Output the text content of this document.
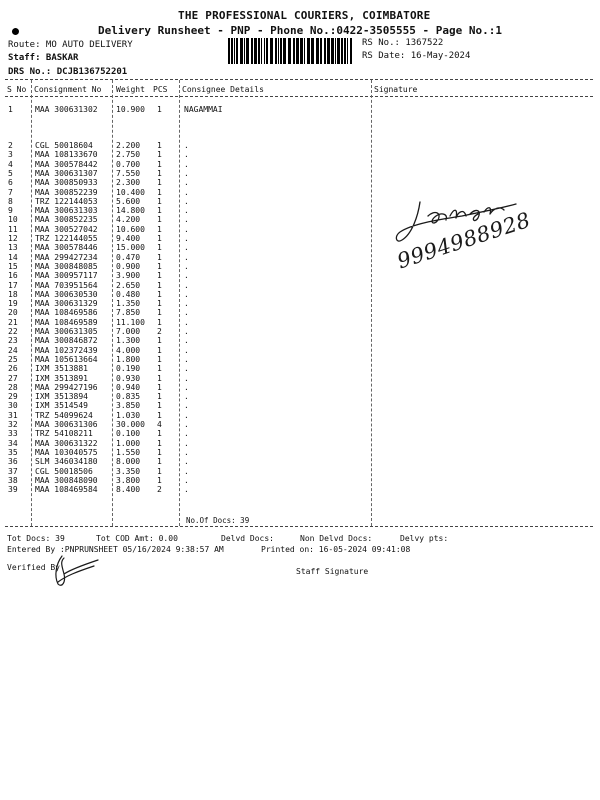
THE PROFESSIONAL COURIERS, COIMBATORE
Delivery Runsheet - PNP - Phone No.:0422-3505555 - Page No.:1
Route: MO AUTO DELIVERY
Staff: BASKAR
DRS No.: DCJB136752201
RS No.: 1367522
RS Date: 16-May-2024
S No Consignment No Weight PCS Consignee Details	Signature
1	MAA 300631302 10.900 1	NAGAMMAI
2	CGL 50018604	2.200 1	.
3	MAA 108133670 2.750 1	.
4	MAA 300578442 0.700 1	.
5	MAA 300631307 7.550 1	.
6	MAA 300850933 2.300 1	.
7	MAA 300852239 10.400 1	.
8	TRZ 122144053 5.600 1	.
9	MAA 300631303 14.800 1	.
10 MAA 300852235 4.200 1	.
11 MAA 300527042 10.600 1	.
12 TRZ 122144055 9.400 1	.
13 MAA 300578446 15.000 1	.
14 MAA 299427234 0.470 1	.
15 MAA 300848085 0.900 1	.
16 MAA 300957117 3.900 1	.
17 MAA 703951564 2.650 1	.
18 MAA 300630530 0.480 1	.
19 MAA 300631329 1.350 1	.
20 MAA 108469586 7.850 1	.
21 MAA 108469589 11.100 1	.
22 MAA 300631305 7.000 2	.
23 MAA 300846872 1.300 1	.
24 MAA 102372439 4.000 1	.
25 MAA 105613664 1.800 1	.
26 IXM 3513881	0.190 1	.
27 IXM 3513891	0.930 1	.
28 MAA 299427196 0.940 1	.
29 IXM 3513894	0.835 1	.
30 IXM 3514549	3.850 1	.
31 TRZ 54099624	1.030 1	.
32 MAA 300631306 30.000 4	.
33 TRZ 54108211	0.100 1	.
34 MAA 300631322 1.000 1	.
35 MAA 103040575 1.550 1	.
36 SLM 346034180 8.000 1	.
37 CGL 50018506	3.350 1	.
38 MAA 300848090 3.800 1	.
39 MAA 108469584 8.400 2	.
No.Of Docs: 39
Tot Docs: 39	Tot COD Amt: 0.00	Delvd Docs:	Non Delvd Docs:	Delvy pts:
Entered By :PNPRUNSHEET 05/16/2024 9:38:57 AM	Printed on: 16-05-2024 09:41:08
Verified By	Staff Signature
9994988928
